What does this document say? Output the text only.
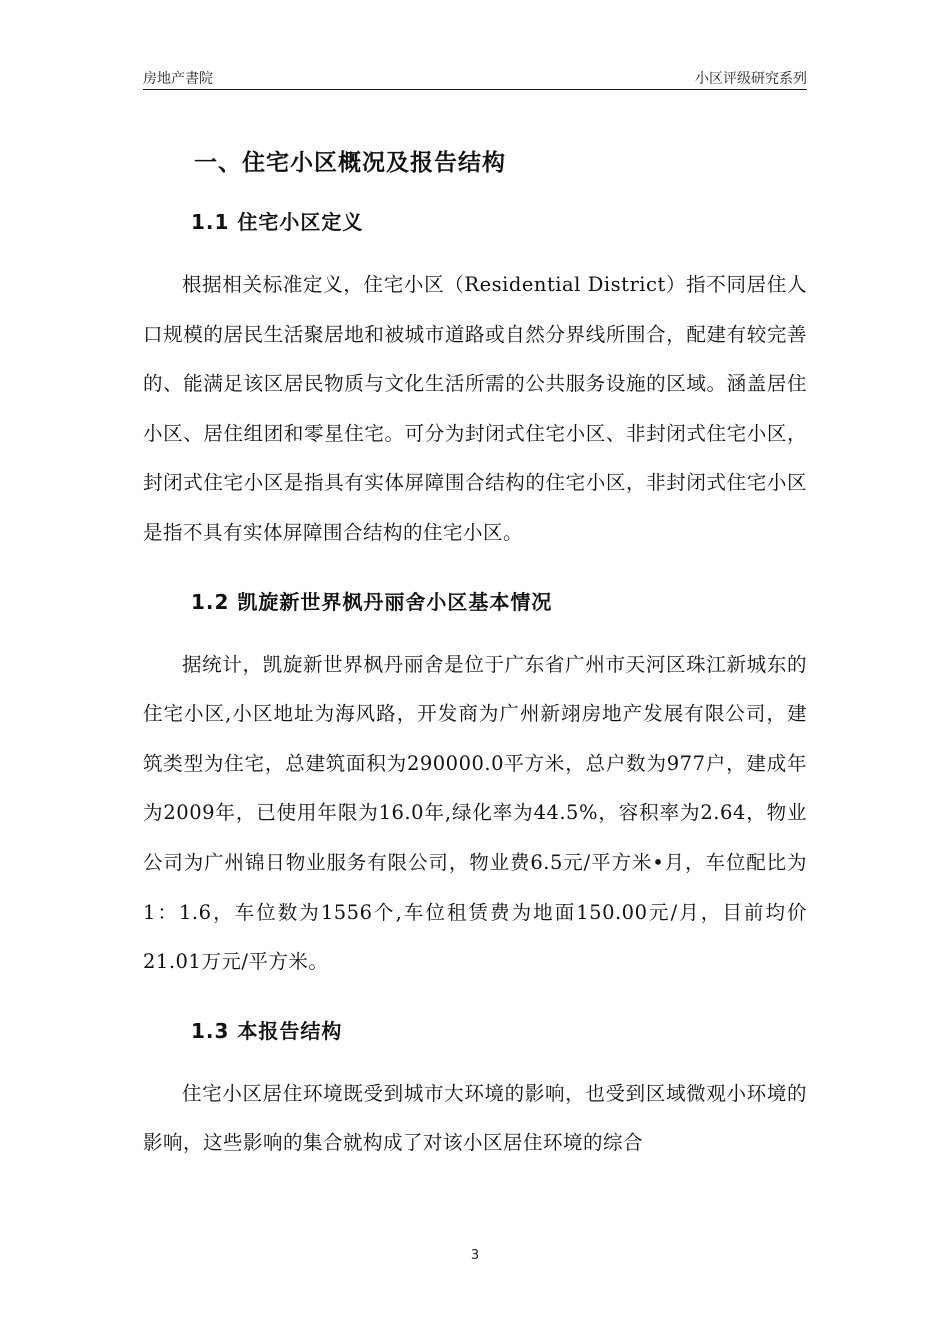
房地产書院	小区评级研究系列
一、住宅小区概况及报告结构
1.1 住宅小区定义

根据相关标准定义，住宅小区（Residential District）指不同居住人口规模的居民生活聚居地和被城市道路或自然分界线所围合，配建有较完善的、能满足该区居民物质与文化生活所需的公共服务设施的区域。涵盖居住小区、居住组团和零星住宅。可分为封闭式住宅小区、非封闭式住宅小区，封闭式住宅小区是指具有实体屏障围合结构的住宅小区，非封闭式住宅小区是指不具有实体屏障围合结构的住宅小区。

1.2 凯旋新世界枫丹丽舍小区基本情况

据统计，凯旋新世界枫丹丽舍是位于广东省广州市天河区珠江新城东的住宅小区,小区地址为海风路，开发商为广州新翊房地产发展有限公司，建筑类型为住宅，总建筑面积为290000.0平方米，总户数为977户，建成年为2009年，已使用年限为16.0年,绿化率为44.5%，容积率为2.64，物业公司为广州锦日物业服务有限公司，物业费6.5元/平方米•月，车位配比为1：1.6，车位数为1556个,车位租赁费为地面150.00元/月，目前均价21.01万元/平方米。

1.3 本报告结构

住宅小区居住环境既受到城市大环境的影响，也受到区域微观小环境的影响，这些影响的集合就构成了对该小区居住环境的综合

3
